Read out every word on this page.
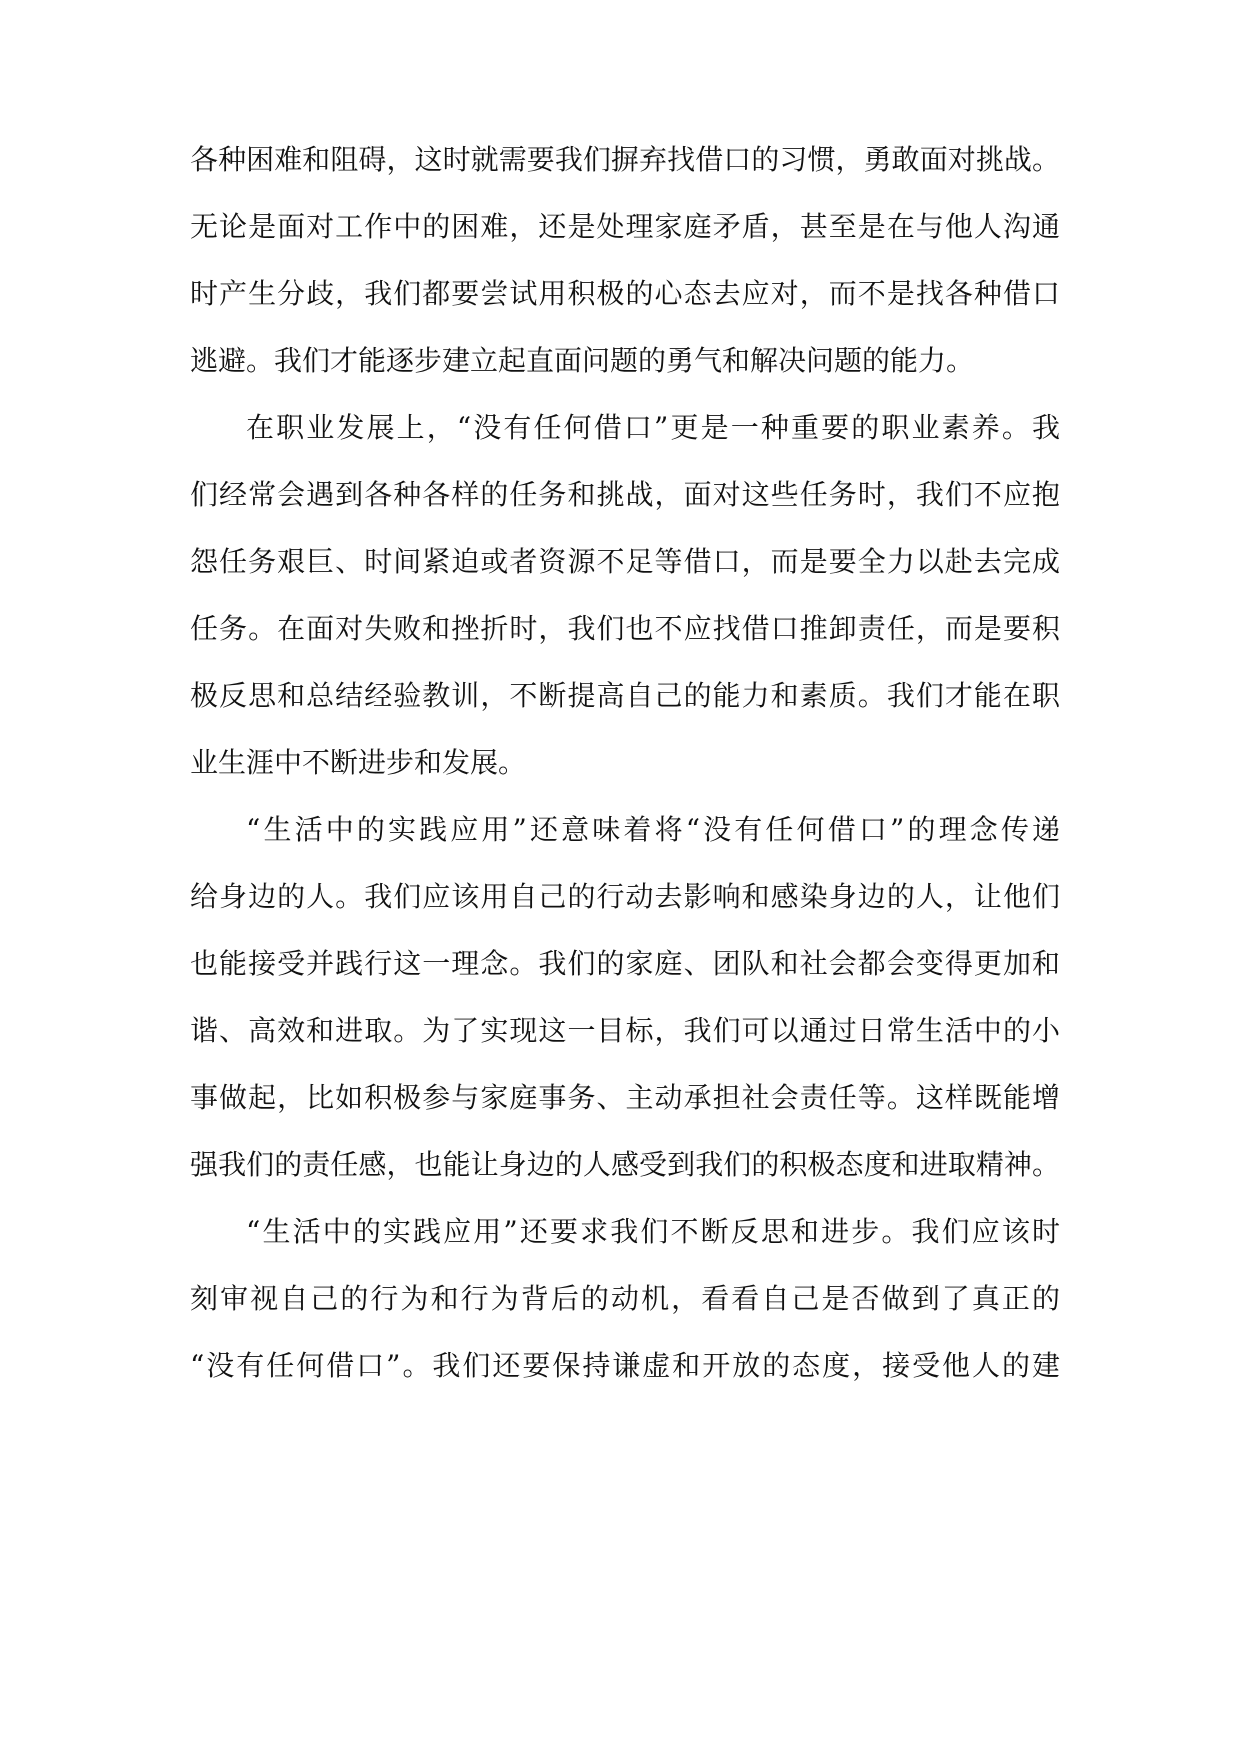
各种困难和阻碍，这时就需要我们摒弃找借口的习惯，勇敢面对挑战。
无论是面对工作中的困难，还是处理家庭矛盾，甚至是在与他人沟通
时产生分歧，我们都要尝试用积极的心态去应对，而不是找各种借口
逃避。我们才能逐步建立起直面问题的勇气和解决问题的能力。
在职业发展上，“没有任何借口”更是一种重要的职业素养。我
们经常会遇到各种各样的任务和挑战，面对这些任务时，我们不应抱
怨任务艰巨、时间紧迫或者资源不足等借口，而是要全力以赴去完成
任务。在面对失败和挫折时，我们也不应找借口推卸责任，而是要积
极反思和总结经验教训，不断提高自己的能力和素质。我们才能在职
业生涯中不断进步和发展。
“生活中的实践应用”还意味着将“没有任何借口”的理念传递
给身边的人。我们应该用自己的行动去影响和感染身边的人，让他们
也能接受并践行这一理念。我们的家庭、团队和社会都会变得更加和
谐、高效和进取。为了实现这一目标，我们可以通过日常生活中的小
事做起，比如积极参与家庭事务、主动承担社会责任等。这样既能增
强我们的责任感，也能让身边的人感受到我们的积极态度和进取精神。
“生活中的实践应用”还要求我们不断反思和进步。我们应该时
刻审视自己的行为和行为背后的动机，看看自己是否做到了真正的
“没有任何借口”。我们还要保持谦虚和开放的态度，接受他人的建
